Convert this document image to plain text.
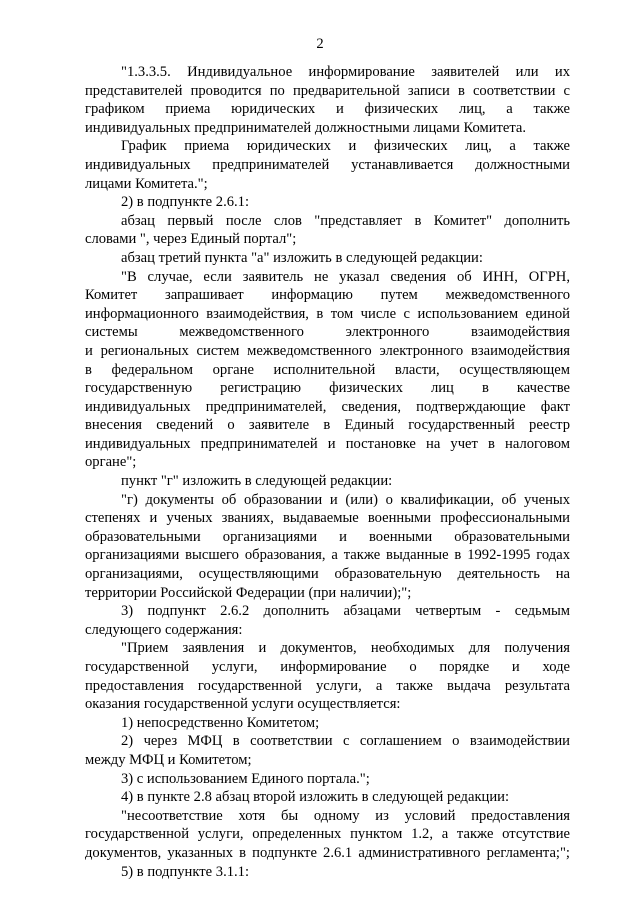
2
"1.3.3.5. Индивидуальное информирование заявителей или их
представителей проводится по предварительной записи в соответствии с
графиком приема юридических и физических лиц, а также
индивидуальных предпринимателей должностными лицами Комитета.
График приема юридических и физических лиц, а также
индивидуальных предпринимателей устанавливается должностными
лицами Комитета.";
2) в подпункте 2.6.1:
абзац первый после слов "представляет в Комитет" дополнить
словами ", через Единый портал";
абзац третий пункта "а" изложить в следующей редакции:
"В случае, если заявитель не указал сведения об ИНН, ОГРН,
Комитет запрашивает информацию путем межведомственного
информационного взаимодействия, в том числе с использованием единой
системы межведомственного электронного взаимодействия
и региональных систем межведомственного электронного взаимодействия
в федеральном органе исполнительной власти, осуществляющем
государственную регистрацию физических лиц в качестве
индивидуальных предпринимателей, сведения, подтверждающие факт
внесения сведений о заявителе в Единый государственный реестр
индивидуальных предпринимателей и постановке на учет в налоговом
органе";
пункт "г" изложить в следующей редакции:
"г) документы об образовании и (или) о квалификации, об ученых
степенях и ученых званиях, выдаваемые военными профессиональными
образовательными организациями и военными образовательными
организациями высшего образования, а также выданные в 1992-1995 годах
организациями, осуществляющими образовательную деятельность на
территории Российской Федерации (при наличии);";
3) подпункт 2.6.2 дополнить абзацами четвертым - седьмым
следующего содержания:
"Прием заявления и документов, необходимых для получения
государственной услуги, информирование о порядке и ходе
предоставления государственной услуги, а также выдача результата
оказания государственной услуги осуществляется:
1) непосредственно Комитетом;
2) через МФЦ в соответствии с соглашением о взаимодействии
между МФЦ и Комитетом;
3) с использованием Единого портала.";
4) в пункте 2.8 абзац второй изложить в следующей редакции:
"несоответствие хотя бы одному из условий предоставления
государственной услуги, определенных пунктом 1.2, а также отсутствие
документов, указанных в подпункте 2.6.1 административного регламента;";
5) в подпункте 3.1.1:
